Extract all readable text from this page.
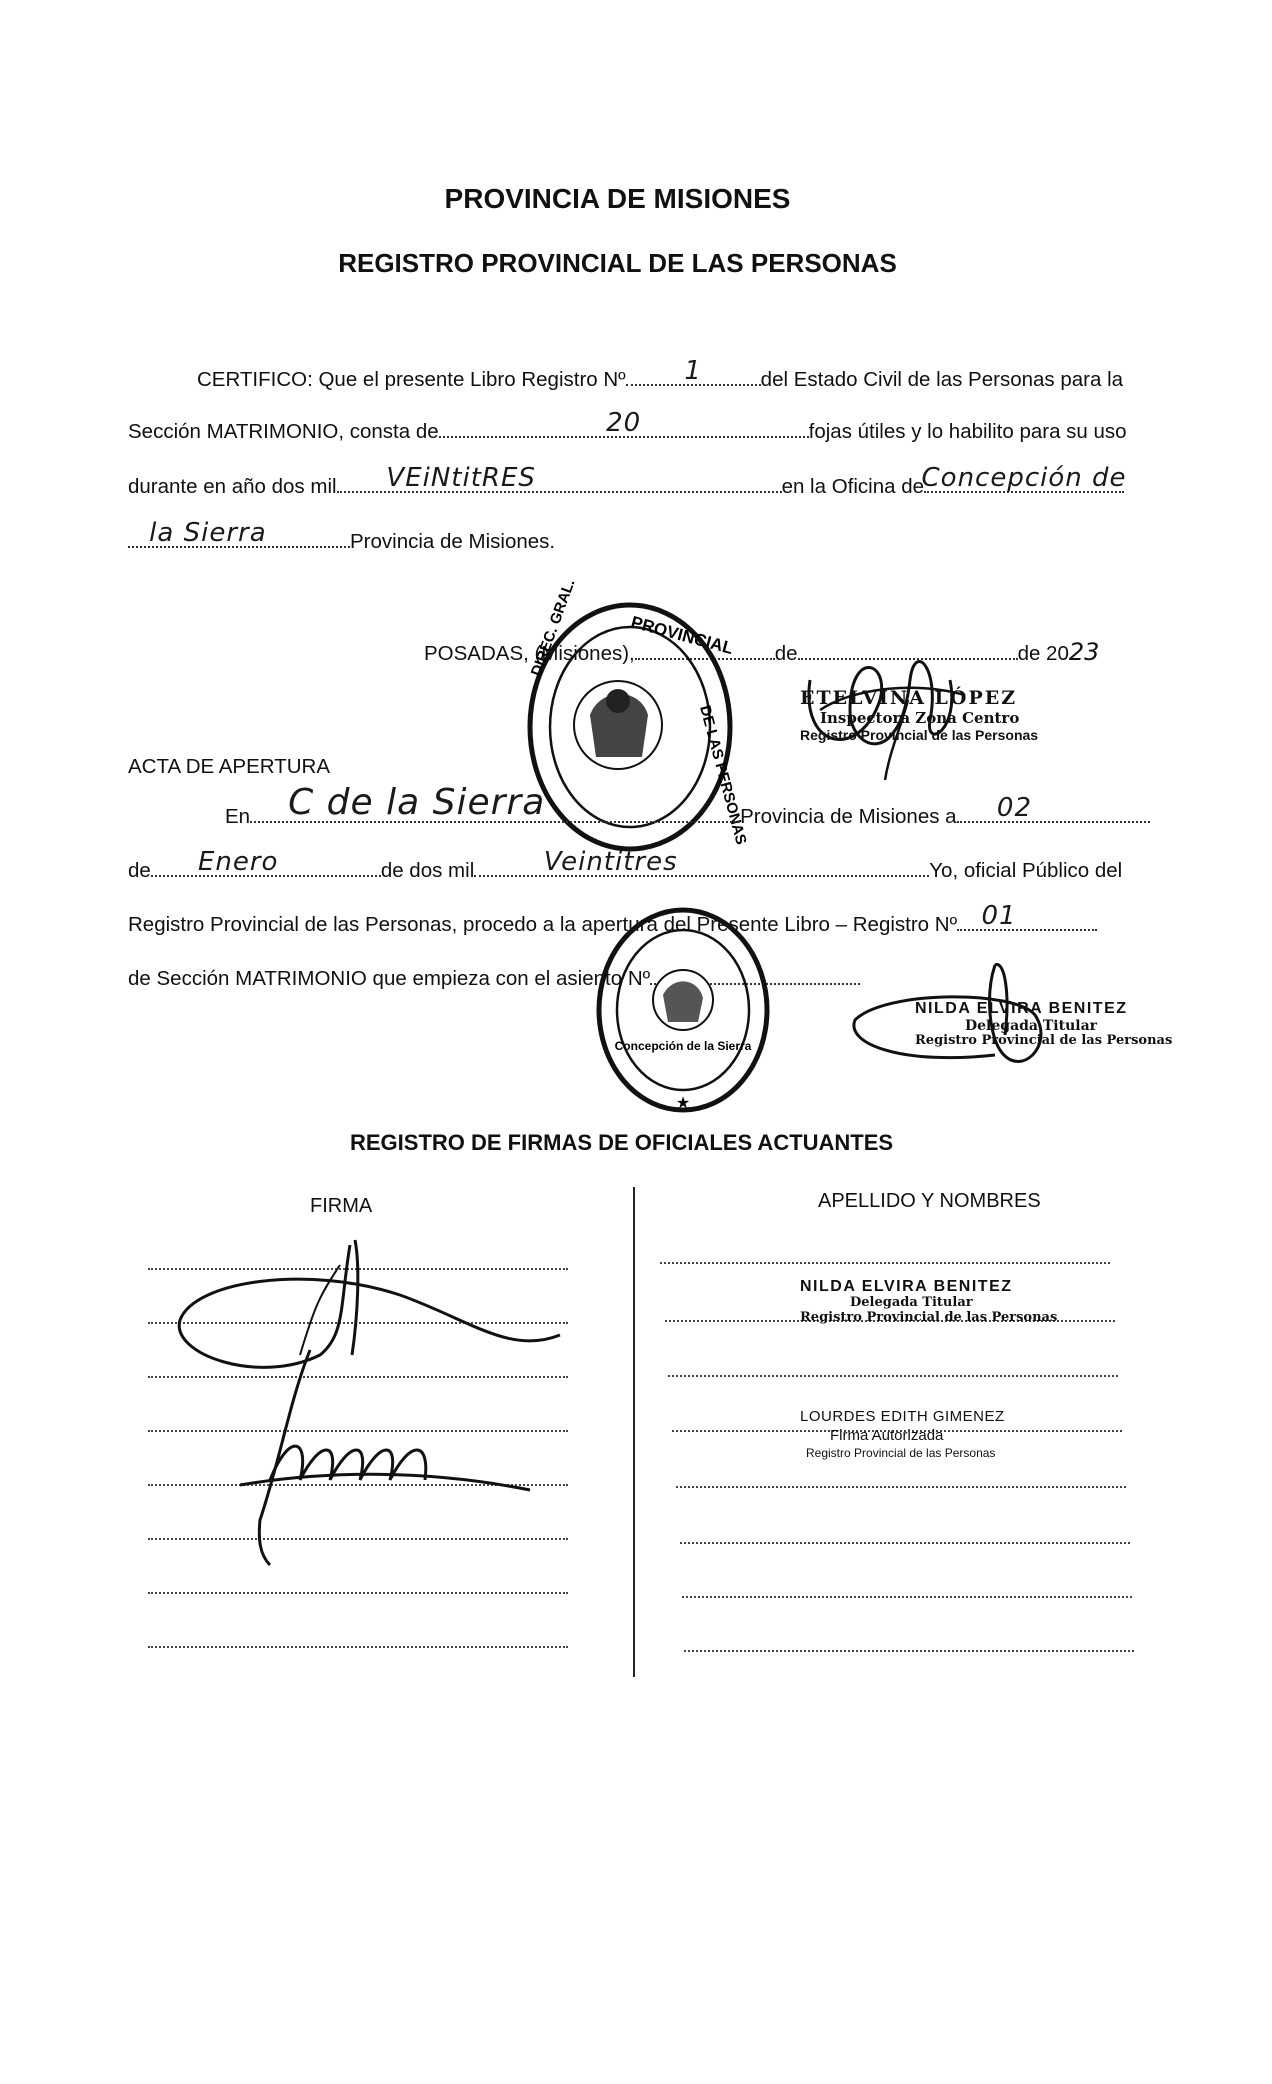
PROVINCIA DE MISIONES
REGISTRO PROVINCIAL DE LAS PERSONAS
CERTIFICO: Que el presente Libro Registro Nº 1	del Estado Civil de las Personas para la
Sección MATRIMONIO, consta de	20	fojas útiles y lo habilito para su uso
durante en año dos mil VEiNtitRES	en la Oficina de
Concepción de
la Sierra	Provincia de Misiones.
POSADAS, (Misiones),	de	de 2023
ETELVINA LÓPEZ
Inspectora Zona Centro
Registro Provincial de las Personas
DIREC. GRAL.	PROVINCIAL
DE LAS PERSONAS
ACTA DE APERTURA
En C de la Sierra	Provincia de Misiones a 02
de Enero	de dos mil	Veintitres	Yo, oficial Público del
Registro Provincial de las Personas, procedo a la apertura del Presente Libro – Registro Nº 01
de Sección MATRIMONIO que empieza con el asiento Nº
Concepción de la Sierra
★
NILDA ELVIRA BENITEZ
Delegada Titular
Registro Provincial de las Personas
REGISTRO DE FIRMAS DE OFICIALES ACTUANTES
FIRMA	APELLIDO Y NOMBRES
NILDA ELVIRA BENITEZ
Delegada Titular
Registro Provincial de las Personas
LOURDES EDITH GIMENEZ
Firma Autorizada
Registro Provincial de las Personas
